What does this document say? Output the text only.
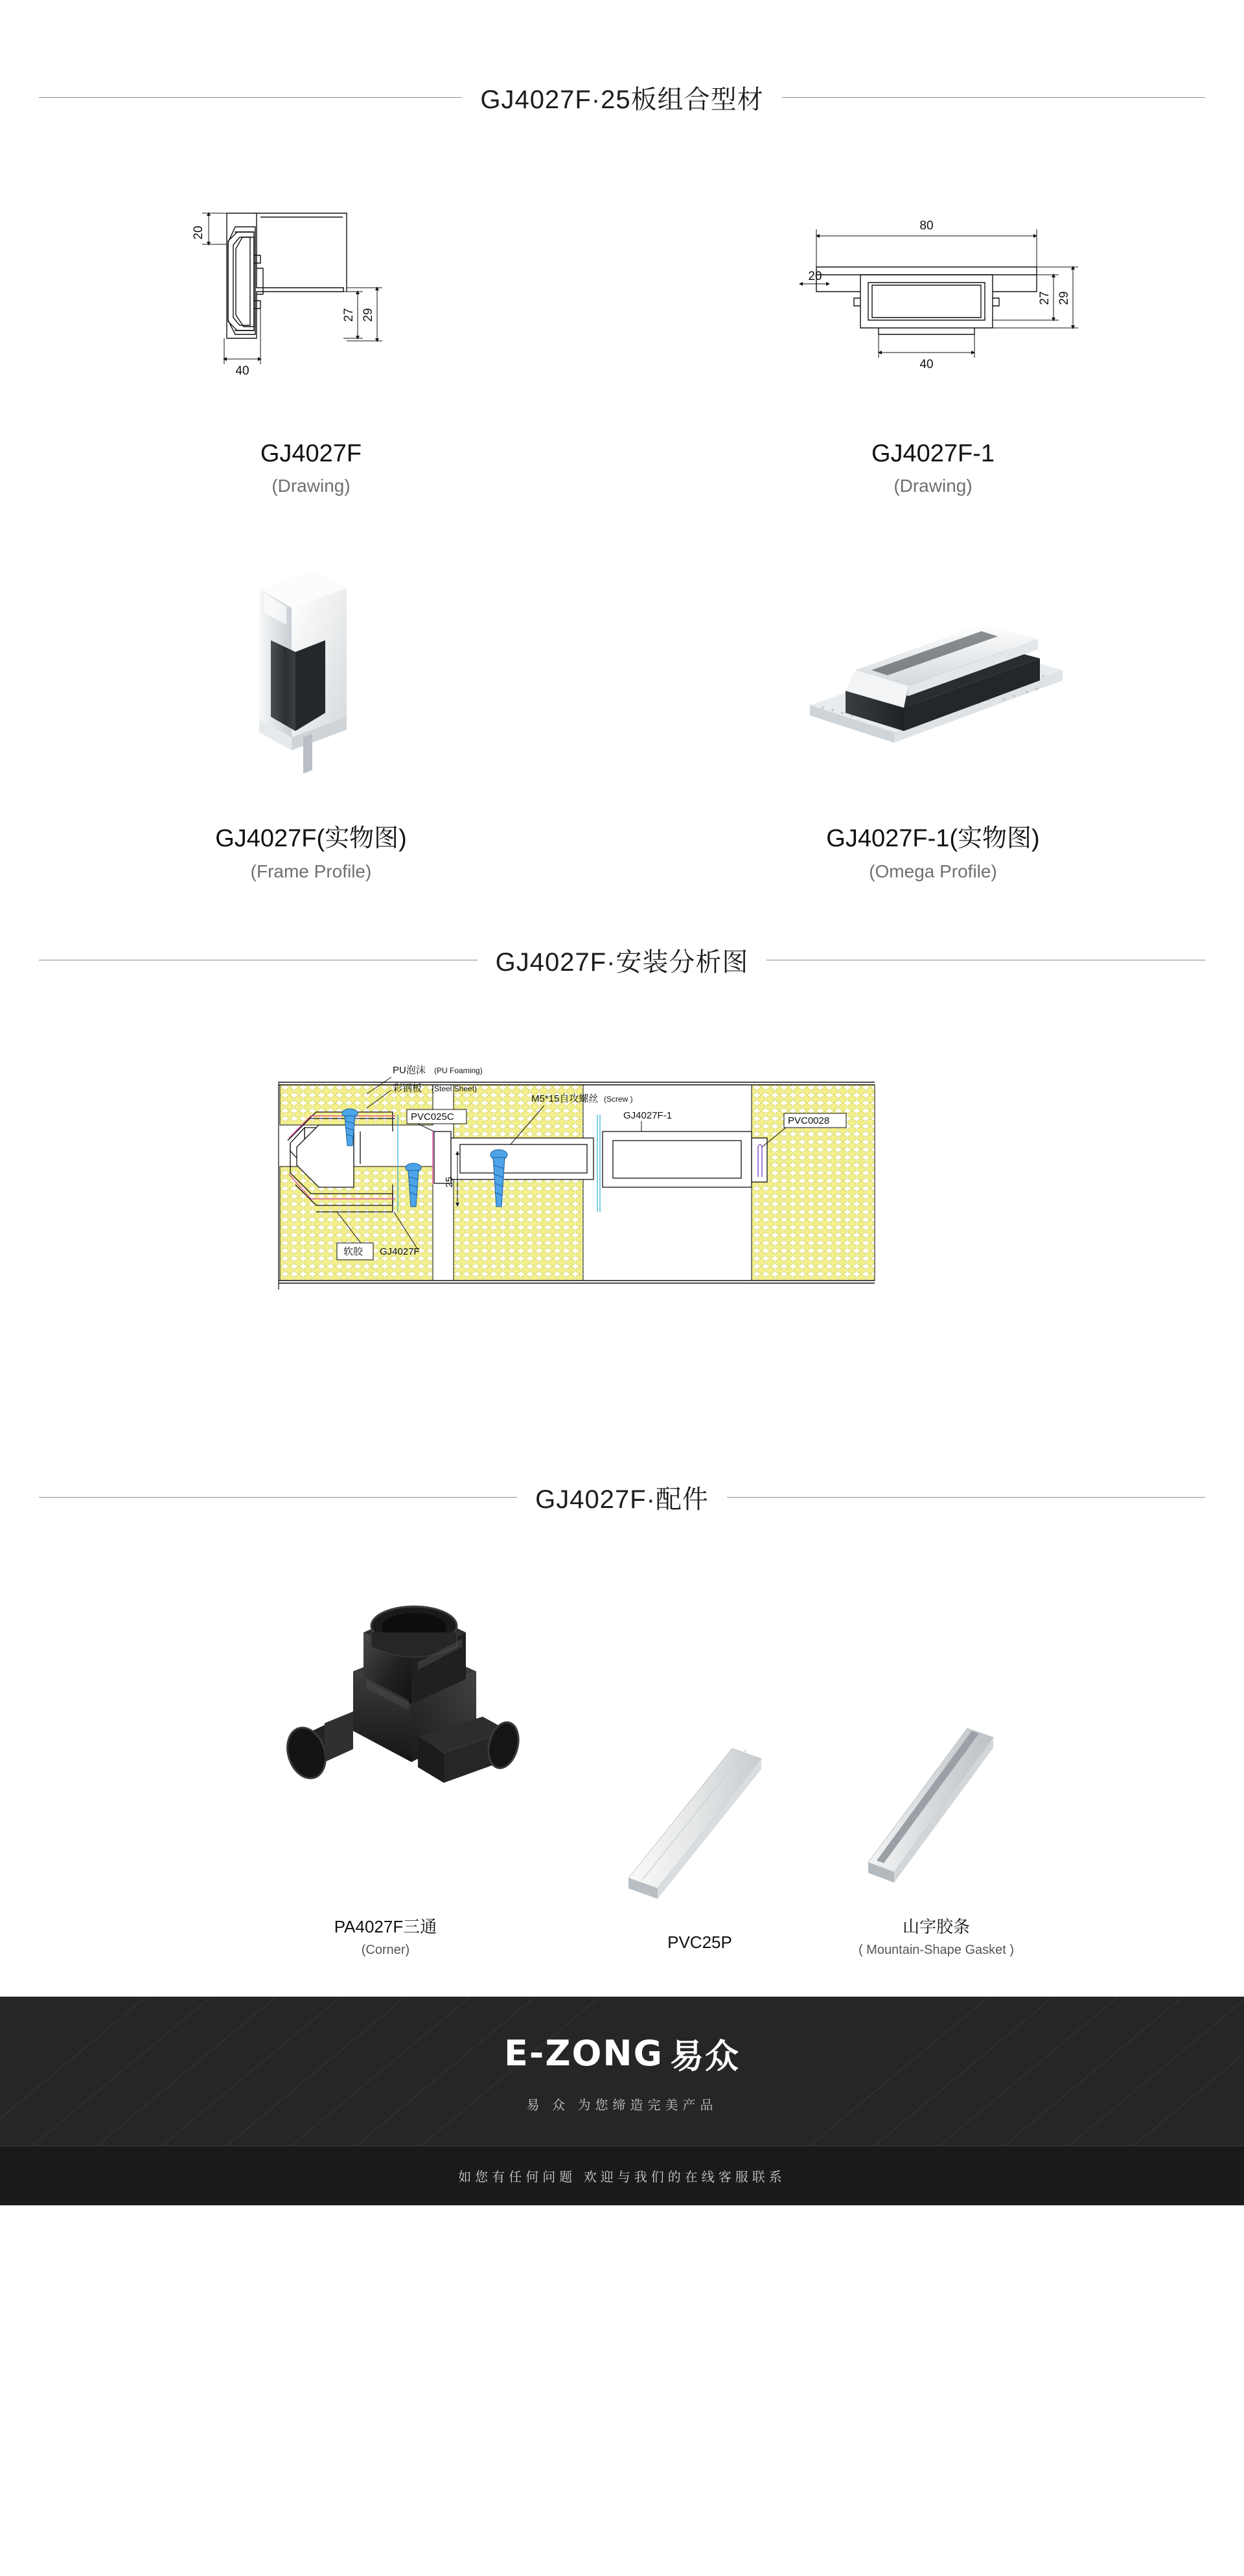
GJ4027F·25板组合型材
20
27 29
40
GJ4027F
(Drawing)
80
20
27 29
40
GJ4027F-1
(Drawing)
GJ4027F(实物图)
(Frame Profile)
GJ4027F-1(实物图)
(Omega Profile)
GJ4027F·安装分析图
PU泡沫 (PU Foaming)
彩钢板 (Steel Sheet)
PVC025C
M5*15自攻螺丝 (Screw )
GJ4027F-1	PVC0028
软胶 GJ4027F
25
GJ4027F·配件
PA4027F三通
(Corner)	PVC25P
山字胶条
( Mountain-Shape Gasket )
E-ZONG 易众
易 众 为您缔造完美产品
如您有任何问题 欢迎与我们的在线客服联系
